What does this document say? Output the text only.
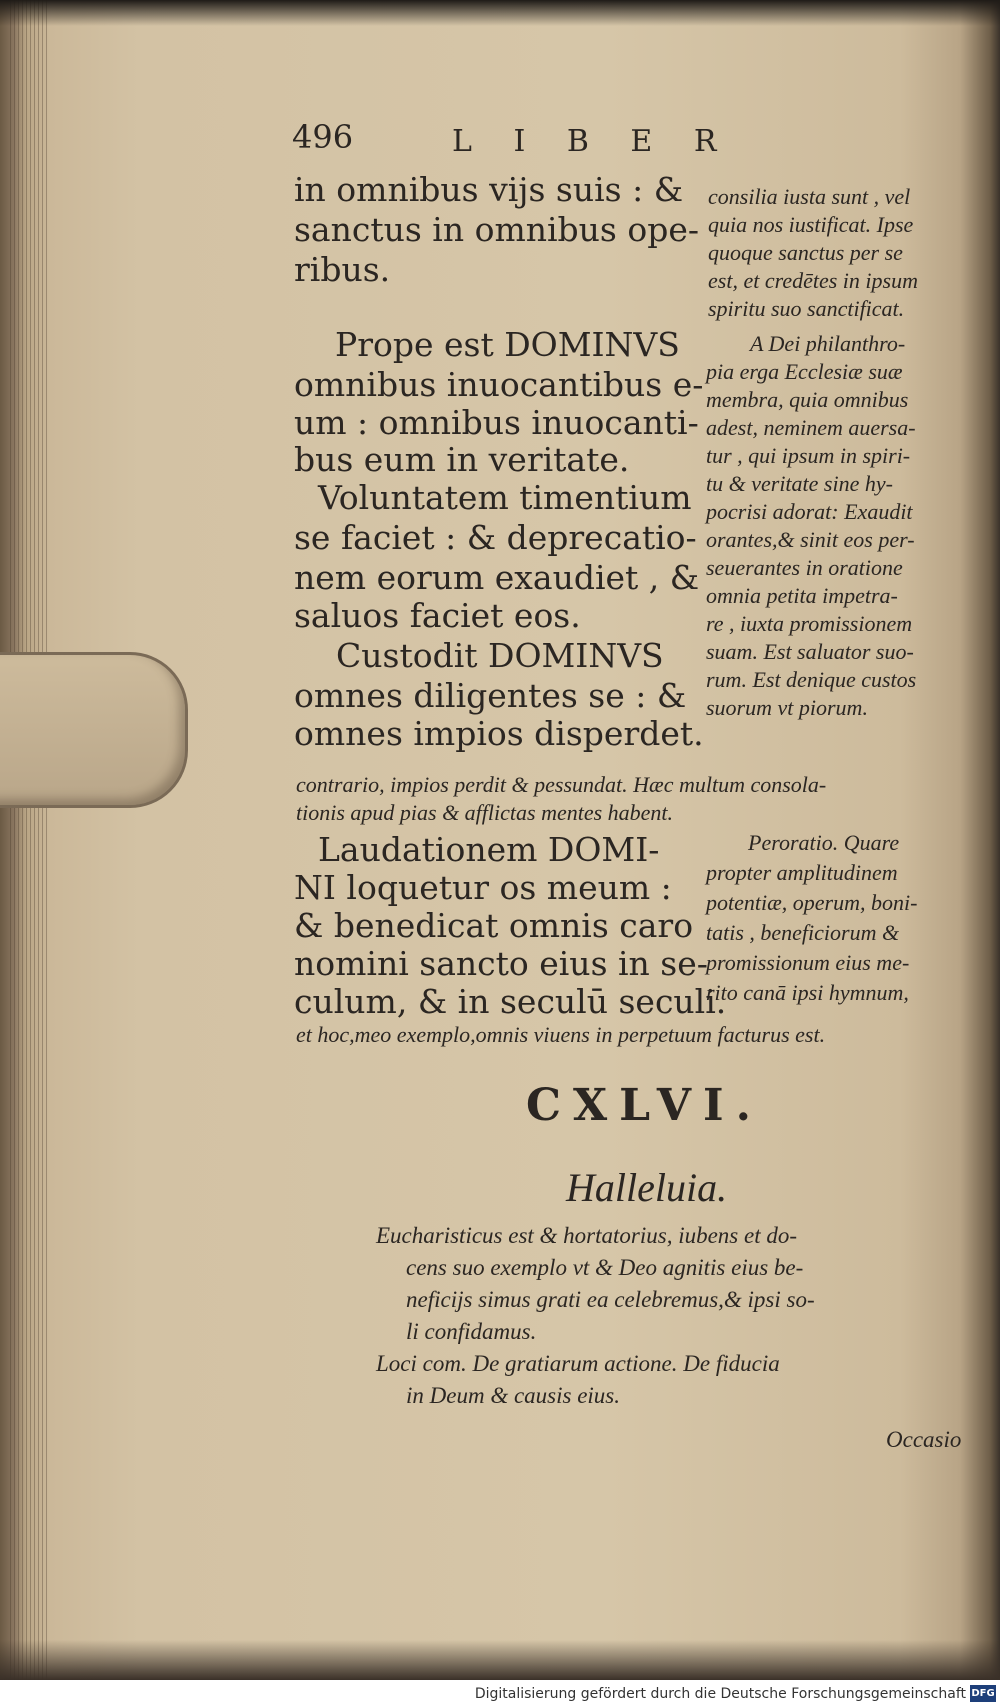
496	L I B E R

in omnibus vijs suis : &

sanctus in omnibus ope-

ribus.

Prope est DOMINVS

omnibus inuocantibus e-

um : omnibus inuocanti-

bus eum in veritate.

Voluntatem timentium

se faciet : & deprecatio-

nem eorum exaudiet , &

saluos faciet eos.

Custodit DOMINVS

omnes diligentes se : &

omnes impios disperdet.

Laudationem DOMI-

NI loquetur os meum :

& benedicat omnis caro

nomini sancto eius in se-

culum, & in seculū seculi.

consilia iusta sunt , vel

quia nos iustificat. Ipse

quoque sanctus per se

est, et credētes in ipsum

spiritu suo sanctificat.

A Dei philanthro-

pia erga Ecclesiæ suæ

membra, quia omnibus

adest, neminem auersa-

tur , qui ipsum in spiri-

tu & veritate sine hy-

pocrisi adorat: Exaudit

orantes,& sinit eos per-

seuerantes in oratione

omnia petita impetra-

re , iuxta promissionem

suam. Est saluator suo-

rum. Est denique custos

suorum vt piorum.

contrario, impios perdit & pessundat. Hæc multum consola-

tionis apud pias & afflictas mentes habent.

Peroratio. Quare

propter amplitudinem

potentiæ, operum, boni-

tatis , beneficiorum &

promissionum eius me-

rito canā ipsi hymnum,

et hoc,meo exemplo,omnis viuens in perpetuum facturus est.

CXLVI.

Halleluia.

Eucharisticus est & hortatorius, iubens et do-

cens suo exemplo vt & Deo agnitis eius be-

neficijs simus grati ea celebremus,& ipsi so-

li confidamus.

Loci com. De gratiarum actione. De fiducia

in Deum & causis eius.

Occasio

Digitalisierung gefördert durch die Deutsche Forschungsgemeinschaft DFG
